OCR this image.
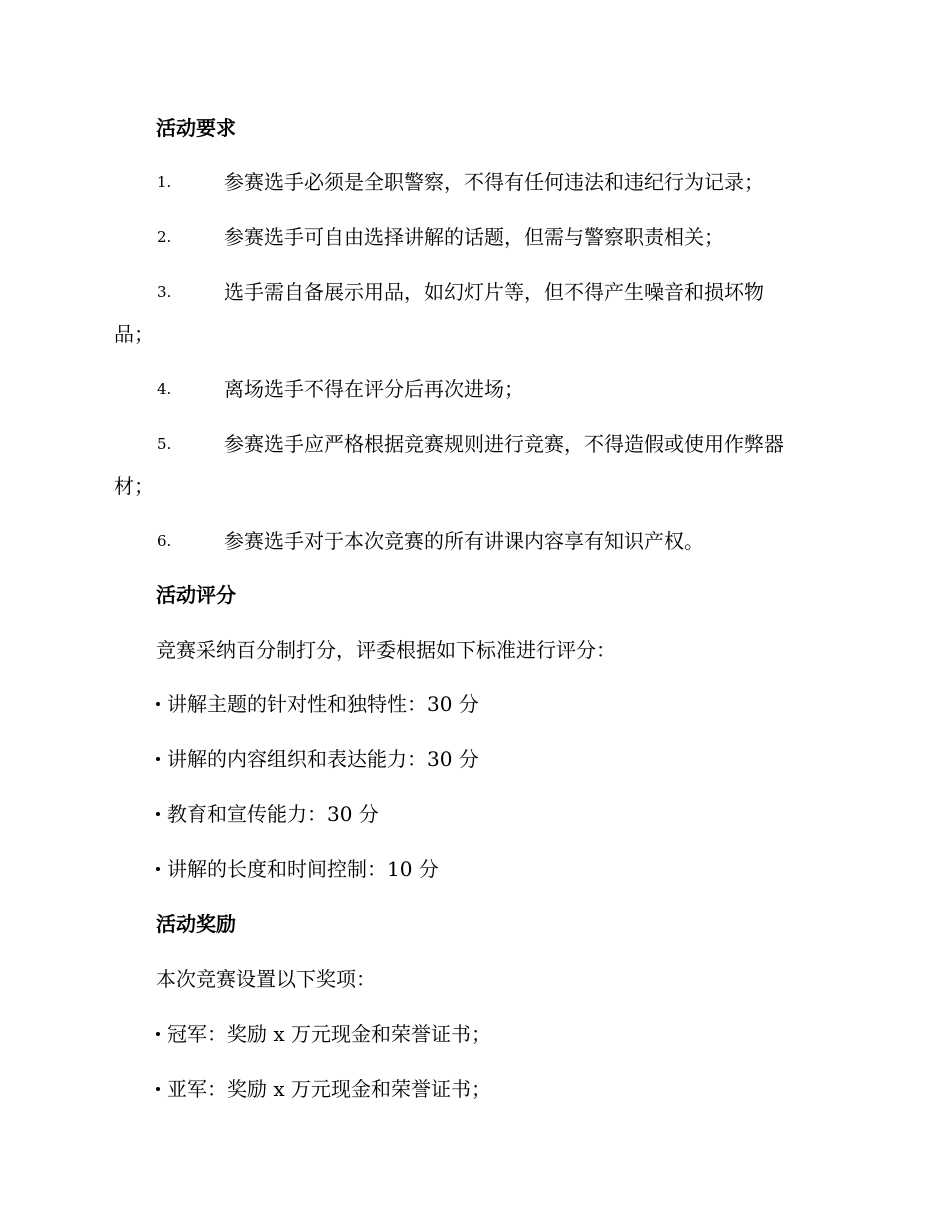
活动要求
1.	参赛选手必须是全职警察，不得有任何违法和违纪行为记录；
2.	参赛选手可自由选择讲解的话题，但需与警察职责相关；
3.	选手需自备展示用品，如幻灯片等，但不得产生噪音和损坏物
品；
4.	离场选手不得在评分后再次进场；
5.	参赛选手应严格根据竞赛规则进行竞赛，不得造假或使用作弊器
材；
6.	参赛选手对于本次竞赛的所有讲课内容享有知识产权。
活动评分
竞赛采纳百分制打分，评委根据如下标准进行评分：
讲解主题的针对性和独特性：30 分
讲解的内容组织和表达能力：30 分
教育和宣传能力：30 分
讲解的长度和时间控制：10 分
活动奖励
本次竞赛设置以下奖项：
冠军：奖励 x 万元现金和荣誉证书；
亚军：奖励 x 万元现金和荣誉证书；
